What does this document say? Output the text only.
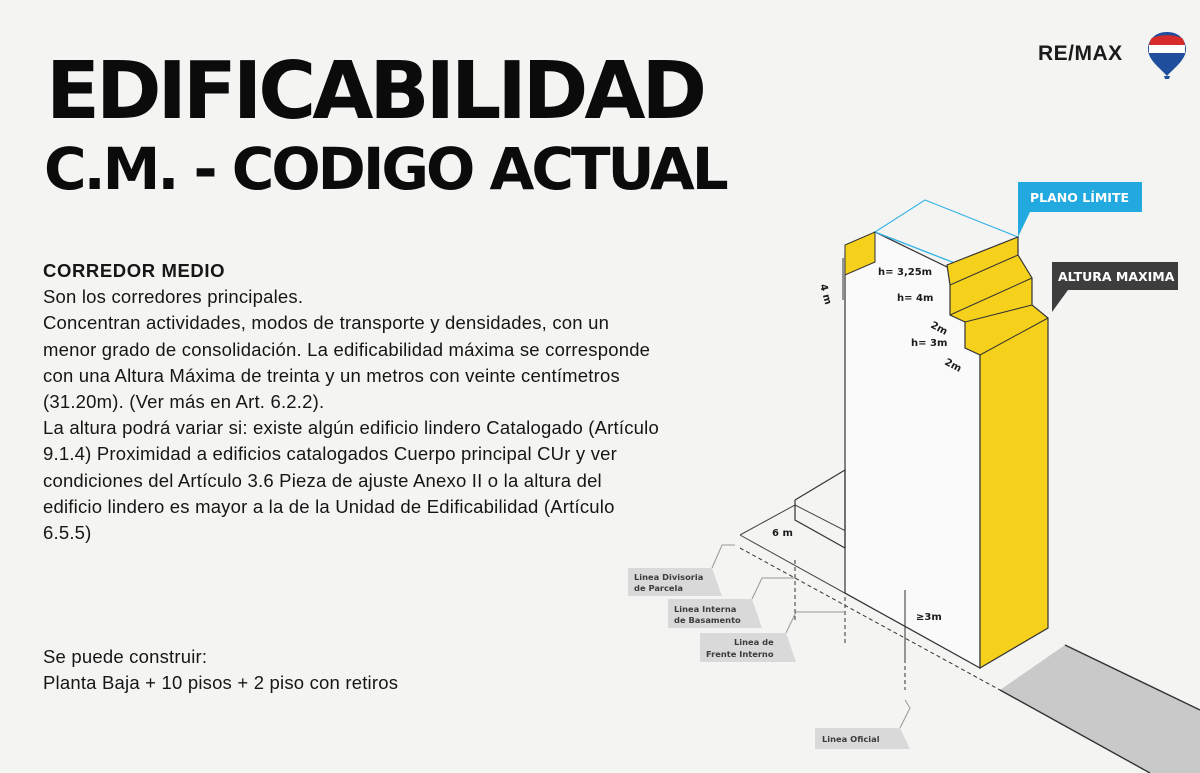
EDIFICABILIDAD
C.M. - CODIGO ACTUAL
RE/MAX

CORREDOR MEDIO

Son los corredores principales.

Concentran actividades, modos de transporte y densidades, con un

menor grado de consolidación. La edificabilidad máxima se corresponde

con una Altura Máxima de treinta y un metros con veinte centímetros

(31.20m). (Ver más en Art. 6.2.2).

La altura podrá variar si: existe algún edificio lindero Catalogado (Artículo

9.1.4) Proximidad a edificios catalogados Cuerpo principal CUr y ver

condiciones del Artículo 3.6 Pieza de ajuste Anexo II o la altura del

edificio lindero es mayor a la de la Unidad de Edificabilidad (Artículo

6.5.5)

Se puede construir:

Planta Baja + 10 pisos + 2 piso con retiros

4 m
h= 3,25m
h= 4m
2m
h= 3m
2m
6 m
≥3m
PLANO LÍMITE
ALTURA MAXIMA
Linea Divisoria
de Parcela
Linea Interna
de Basamento
Linea de
Frente Interno
Linea Oficial
